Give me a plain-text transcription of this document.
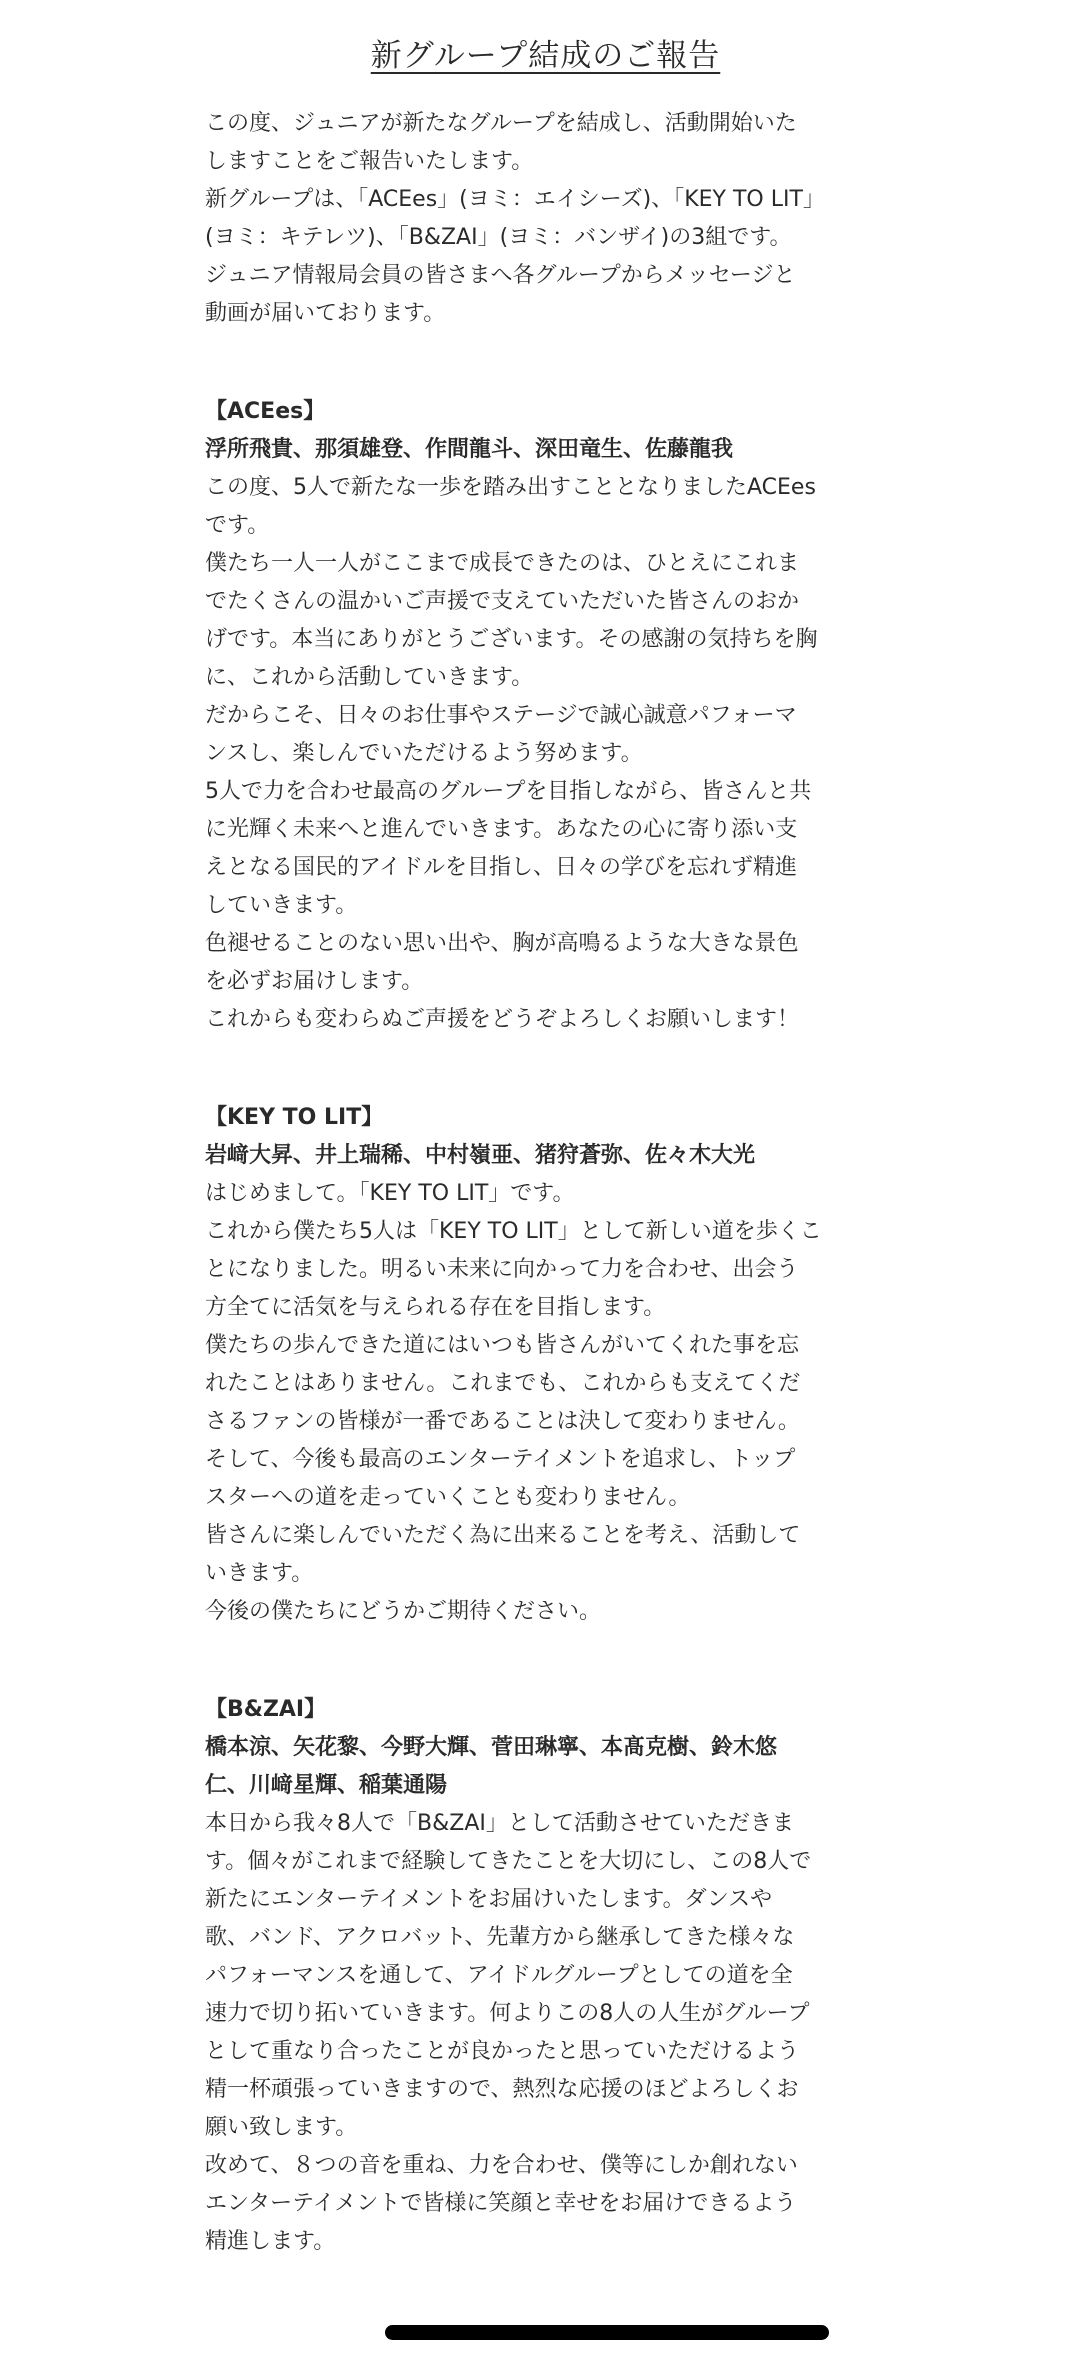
新グループ結成のご報告

この度、ジュニアが新たなグループを結成し、活動開始いた

しますことをご報告いたします。

新グループは、「ACEes」(ヨミ：エイシーズ)、「KEY TO LIT」

(ヨミ：キテレツ)、「B&ZAI」(ヨミ：バンザイ)の3組です。

ジュニア情報局会員の皆さまへ各グループからメッセージと

動画が届いております。

【ACEes】

浮所飛貴、那須雄登、作間龍斗、深田竜生、佐藤龍我

この度、5人で新たな一歩を踏み出すこととなりましたACEes

です。

僕たち一人一人がここまで成長できたのは、ひとえにこれま

でたくさんの温かいご声援で支えていただいた皆さんのおか

げです。本当にありがとうございます。その感謝の気持ちを胸

に、これから活動していきます。

だからこそ、日々のお仕事やステージで誠心誠意パフォーマ

ンスし、楽しんでいただけるよう努めます。

5人で力を合わせ最高のグループを目指しながら、皆さんと共

に光輝く未来へと進んでいきます。あなたの心に寄り添い支

えとなる国民的アイドルを目指し、日々の学びを忘れず精進

していきます。

色褪せることのない思い出や、胸が高鳴るような大きな景色

を必ずお届けします。

これからも変わらぬご声援をどうぞよろしくお願いします！

【KEY TO LIT】

岩﨑大昇、井上瑞稀、中村嶺亜、猪狩蒼弥、佐々木大光

はじめまして。「KEY TO LIT」です。

これから僕たち5人は「KEY TO LIT」として新しい道を歩くこ

とになりました。明るい未来に向かって力を合わせ、出会う

方全てに活気を与えられる存在を目指します。

僕たちの歩んできた道にはいつも皆さんがいてくれた事を忘

れたことはありません。これまでも、これからも支えてくだ

さるファンの皆様が一番であることは決して変わりません。

そして、今後も最高のエンターテイメントを追求し、トップ

スターへの道を走っていくことも変わりません。

皆さんに楽しんでいただく為に出来ることを考え、活動して

いきます。

今後の僕たちにどうかご期待ください。

【B&ZAI】

橋本涼、矢花黎、今野大輝、菅田琳寧、本髙克樹、鈴木悠

仁、川﨑星輝、稲葉通陽

本日から我々8人で「B&ZAI」として活動させていただきま

す。個々がこれまで経験してきたことを大切にし、この8人で

新たにエンターテイメントをお届けいたします。ダンスや

歌、バンド、アクロバット、先輩方から継承してきた様々な

パフォーマンスを通して、アイドルグループとしての道を全

速力で切り拓いていきます。何よりこの8人の人生がグループ

として重なり合ったことが良かったと思っていただけるよう

精一杯頑張っていきますので、熱烈な応援のほどよろしくお

願い致します。

改めて、８つの音を重ね、力を合わせ、僕等にしか創れない

エンターテイメントで皆様に笑顔と幸せをお届けできるよう

精進します。
